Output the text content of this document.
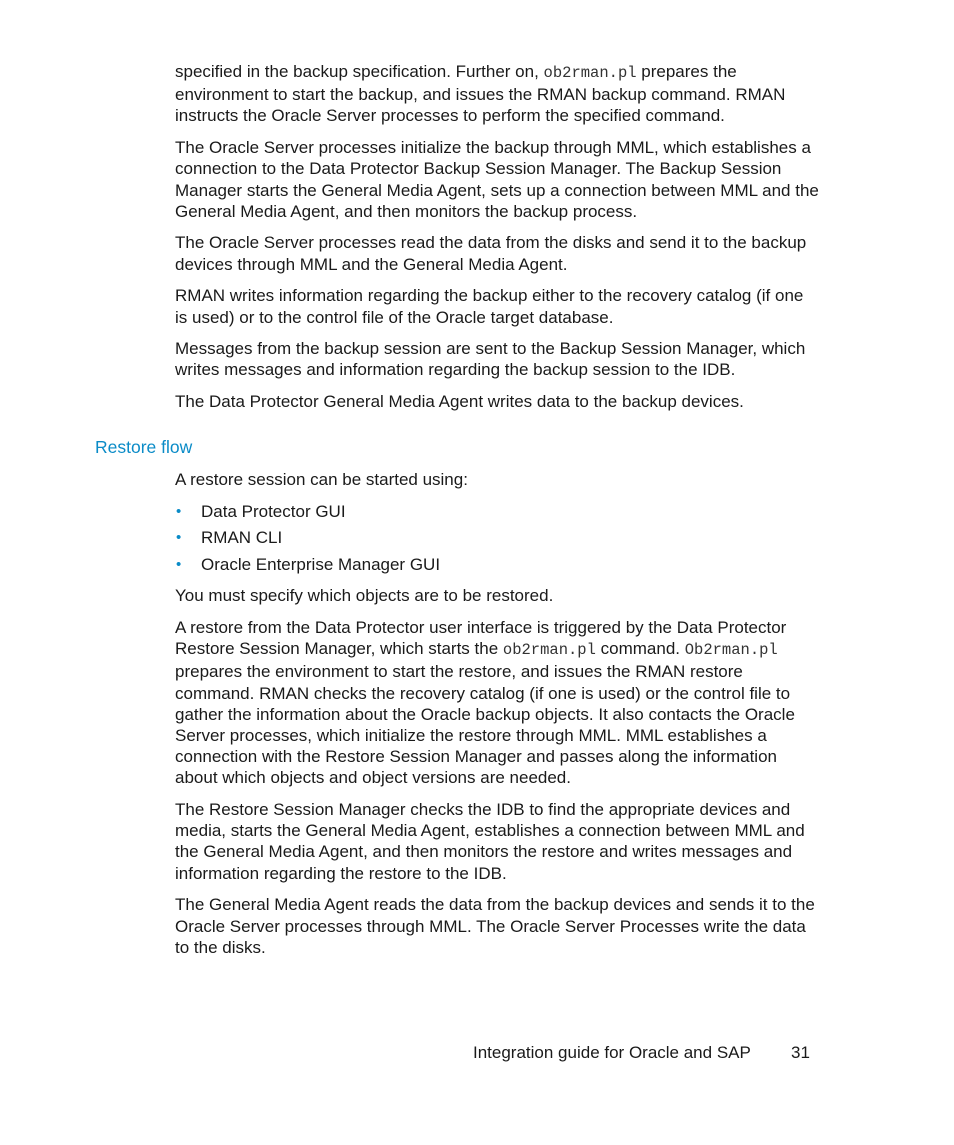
specified in the backup specification. Further on, ob2rman.pl prepares the environment to start the backup, and issues the RMAN backup command. RMAN instructs the Oracle Server processes to perform the specified command.

The Oracle Server processes initialize the backup through MML, which establishes a connection to the Data Protector Backup Session Manager. The Backup Session Manager starts the General Media Agent, sets up a connection between MML and the General Media Agent, and then monitors the backup process.

The Oracle Server processes read the data from the disks and send it to the backup devices through MML and the General Media Agent.

RMAN writes information regarding the backup either to the recovery catalog (if one is used) or to the control file of the Oracle target database.

Messages from the backup session are sent to the Backup Session Manager, which writes messages and information regarding the backup session to the IDB.

The Data Protector General Media Agent writes data to the backup devices.

Restore flow

A restore session can be started using:

• Data Protector GUI
• RMAN CLI
• Oracle Enterprise Manager GUI

You must specify which objects are to be restored.

A restore from the Data Protector user interface is triggered by the Data Protector Restore Session Manager, which starts the ob2rman.pl command. Ob2rman.pl prepares the environment to start the restore, and issues the RMAN restore command. RMAN checks the recovery catalog (if one is used) or the control file to gather the information about the Oracle backup objects. It also contacts the Oracle Server processes, which initialize the restore through MML. MML establishes a connection with the Restore Session Manager and passes along the information about which objects and object versions are needed.

The Restore Session Manager checks the IDB to find the appropriate devices and media, starts the General Media Agent, establishes a connection between MML and the General Media Agent, and then monitors the restore and writes messages and information regarding the restore to the IDB.

The General Media Agent reads the data from the backup devices and sends it to the Oracle Server processes through MML. The Oracle Server Processes write the data to the disks.

Integration guide for Oracle and SAP 31
